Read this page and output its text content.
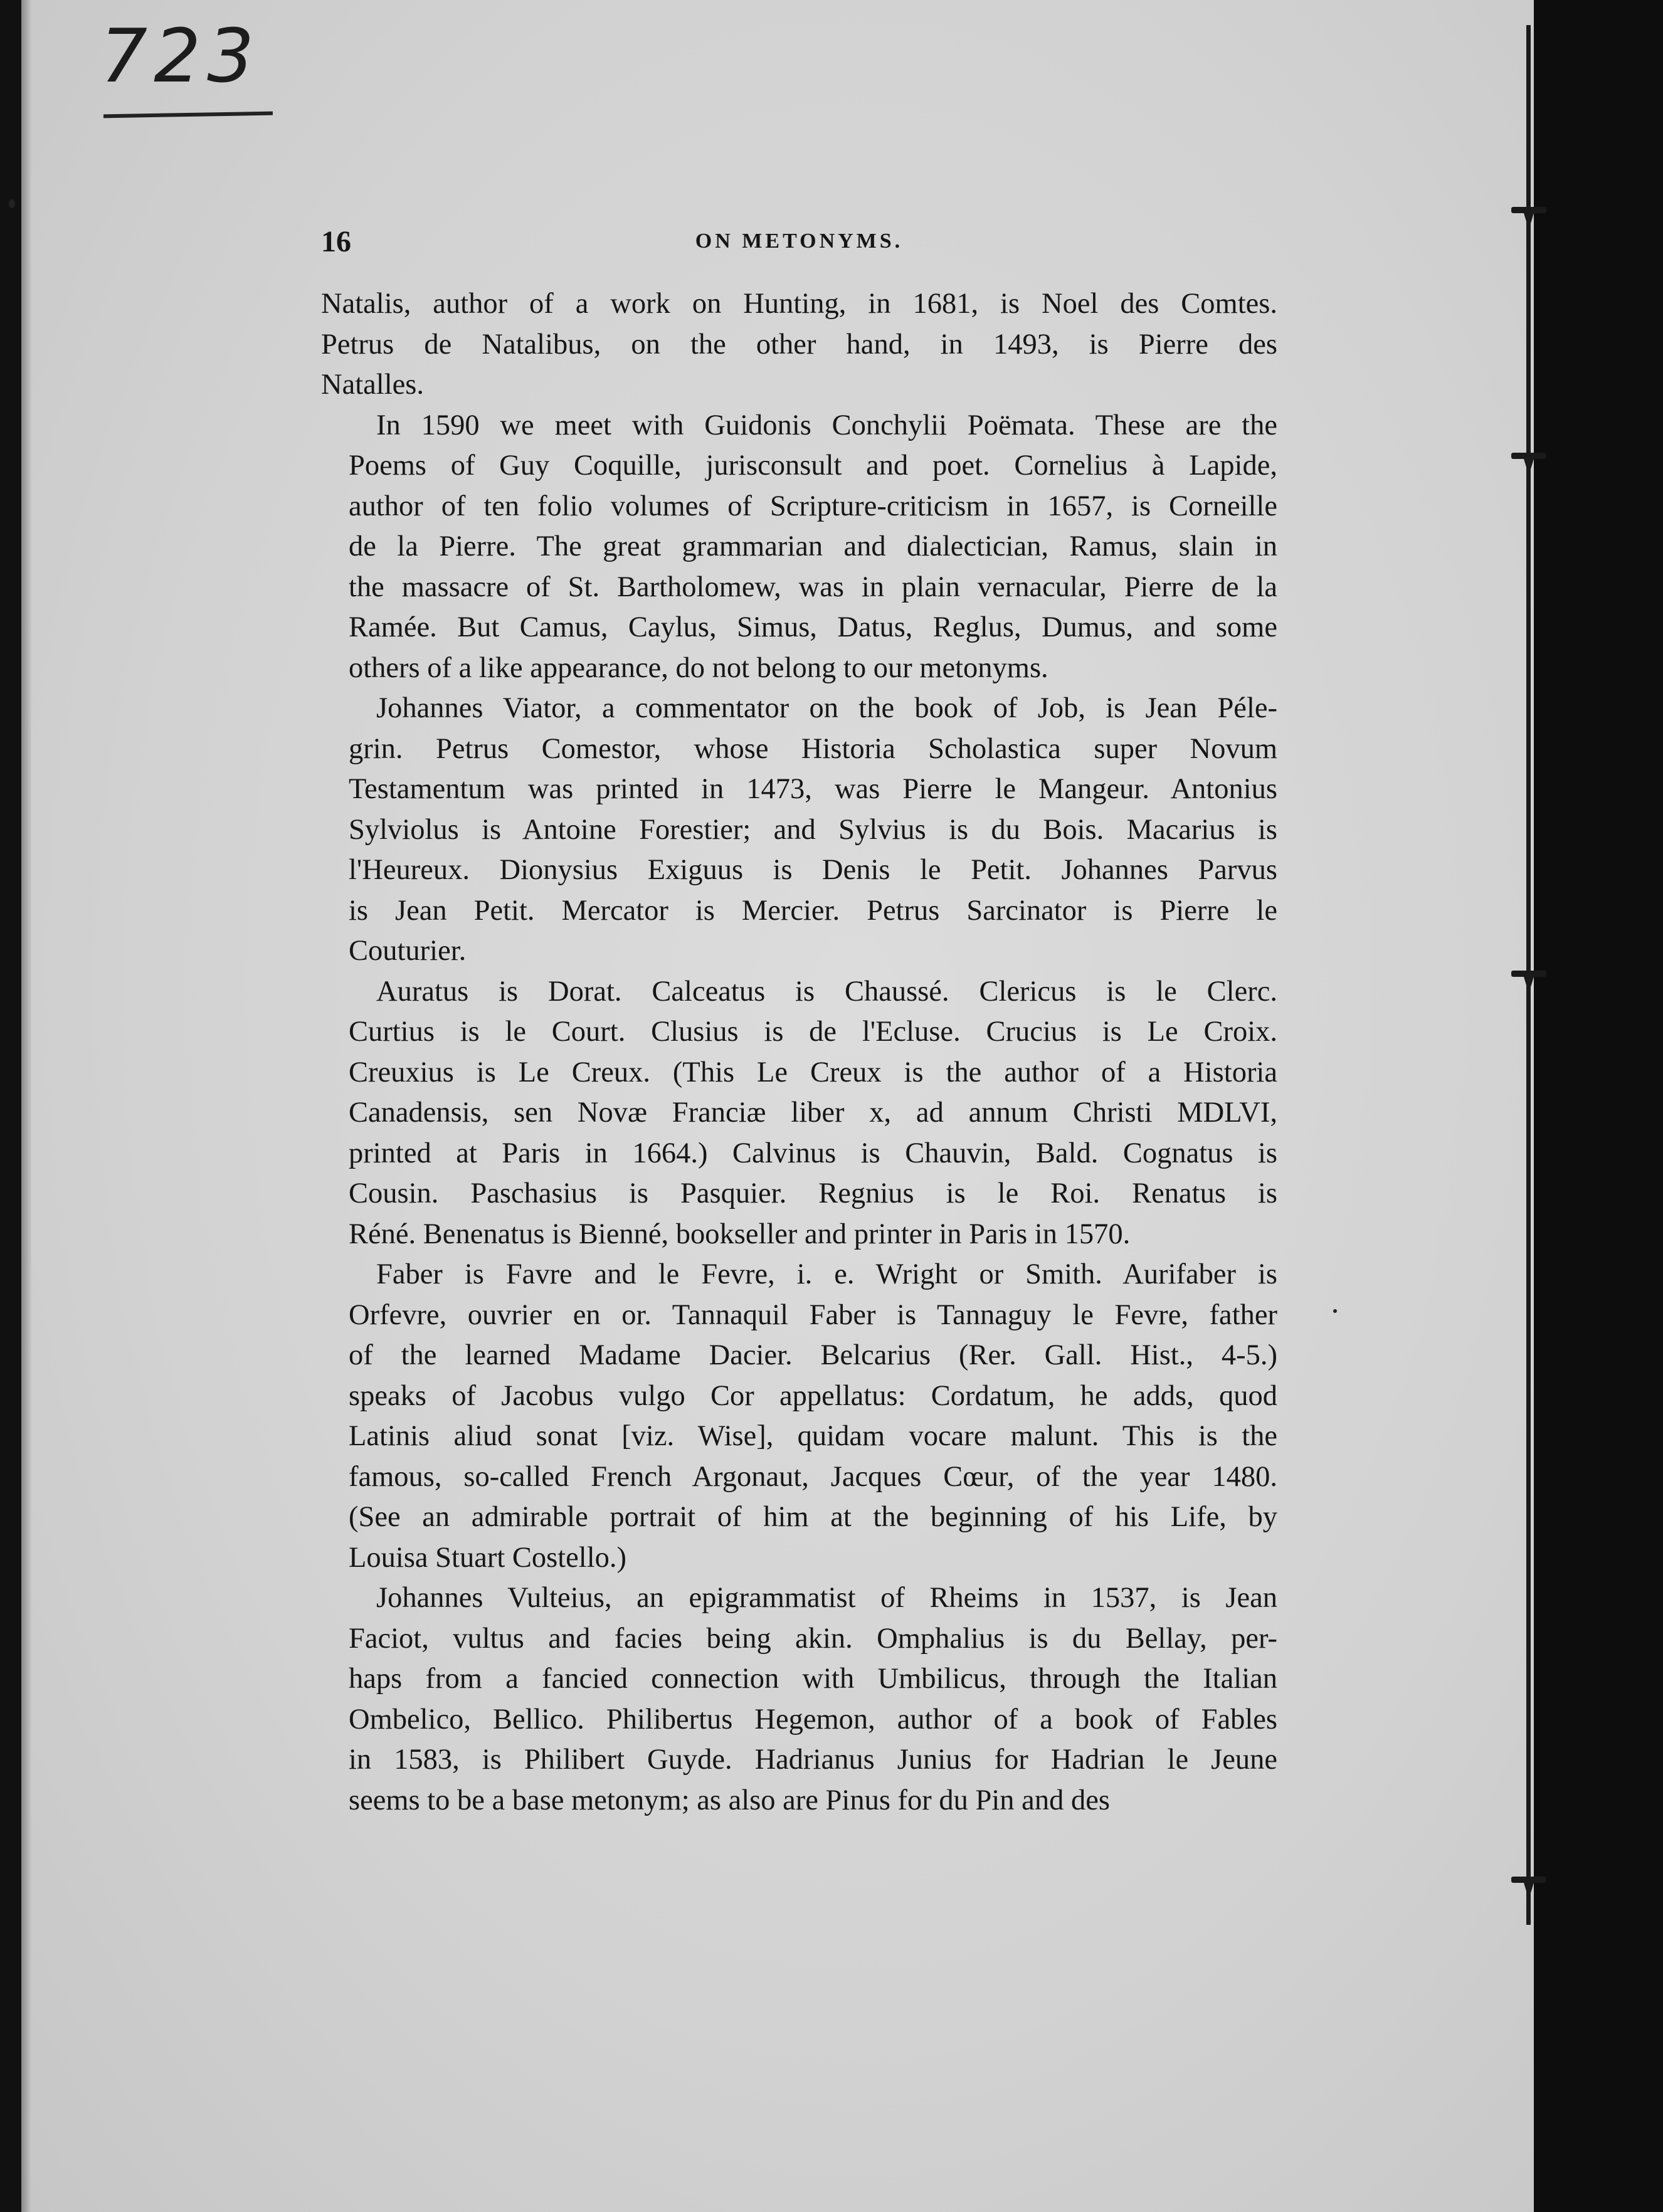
723
16	ON METONYMS.

Natalis, author of a work on Hunting, in 1681, is Noel des Comtes.
Petrus de Natalibus, on the other hand, in 1493, is Pierre des
Natalles.

In 1590 we meet with Guidonis Conchylii Poëmata. These are the
Poems of Guy Coquille, jurisconsult and poet. Cornelius à Lapide,
author of ten folio volumes of Scripture-criticism in 1657, is Corneille
de la Pierre. The great grammarian and dialectician, Ramus, slain in
the massacre of St. Bartholomew, was in plain vernacular, Pierre de la
Ramée. But Camus, Caylus, Simus, Datus, Reglus, Dumus, and some
others of a like appearance, do not belong to our metonyms.

Johannes Viator, a commentator on the book of Job, is Jean Péle-
grin. Petrus Comestor, whose Historia Scholastica super Novum
Testamentum was printed in 1473, was Pierre le Mangeur. Antonius
Sylviolus is Antoine Forestier; and Sylvius is du Bois. Macarius is
l'Heureux. Dionysius Exiguus is Denis le Petit. Johannes Parvus
is Jean Petit. Mercator is Mercier. Petrus Sarcinator is Pierre le
Couturier.

Auratus is Dorat. Calceatus is Chaussé. Clericus is le Clerc.
Curtius is le Court. Clusius is de l'Ecluse. Crucius is Le Croix.
Creuxius is Le Creux. (This Le Creux is the author of a Historia
Canadensis, sen Novæ Franciæ liber x, ad annum Christi MDLVI,
printed at Paris in 1664.) Calvinus is Chauvin, Bald. Cognatus is
Cousin. Paschasius is Pasquier. Regnius is le Roi. Renatus is
Réné. Benenatus is Bienné, bookseller and printer in Paris in 1570.

Faber is Favre and le Fevre, i. e. Wright or Smith. Aurifaber is
Orfevre, ouvrier en or. Tannaquil Faber is Tannaguy le Fevre, father
of the learned Madame Dacier. Belcarius (Rer. Gall. Hist., 4-5.)
speaks of Jacobus vulgo Cor appellatus: Cordatum, he adds, quod
Latinis aliud sonat [viz. Wise], quidam vocare malunt. This is the
famous, so-called French Argonaut, Jacques Cœur, of the year 1480.
(See an admirable portrait of him at the beginning of his Life, by
Louisa Stuart Costello.)

Johannes Vulteius, an epigrammatist of Rheims in 1537, is Jean
Faciot, vultus and facies being akin. Omphalius is du Bellay, per-
haps from a fancied connection with Umbilicus, through the Italian
Ombelico, Bellico. Philibertus Hegemon, author of a book of Fables
in 1583, is Philibert Guyde. Hadrianus Junius for Hadrian le Jeune
seems to be a base metonym; as also are Pinus for du Pin and des
